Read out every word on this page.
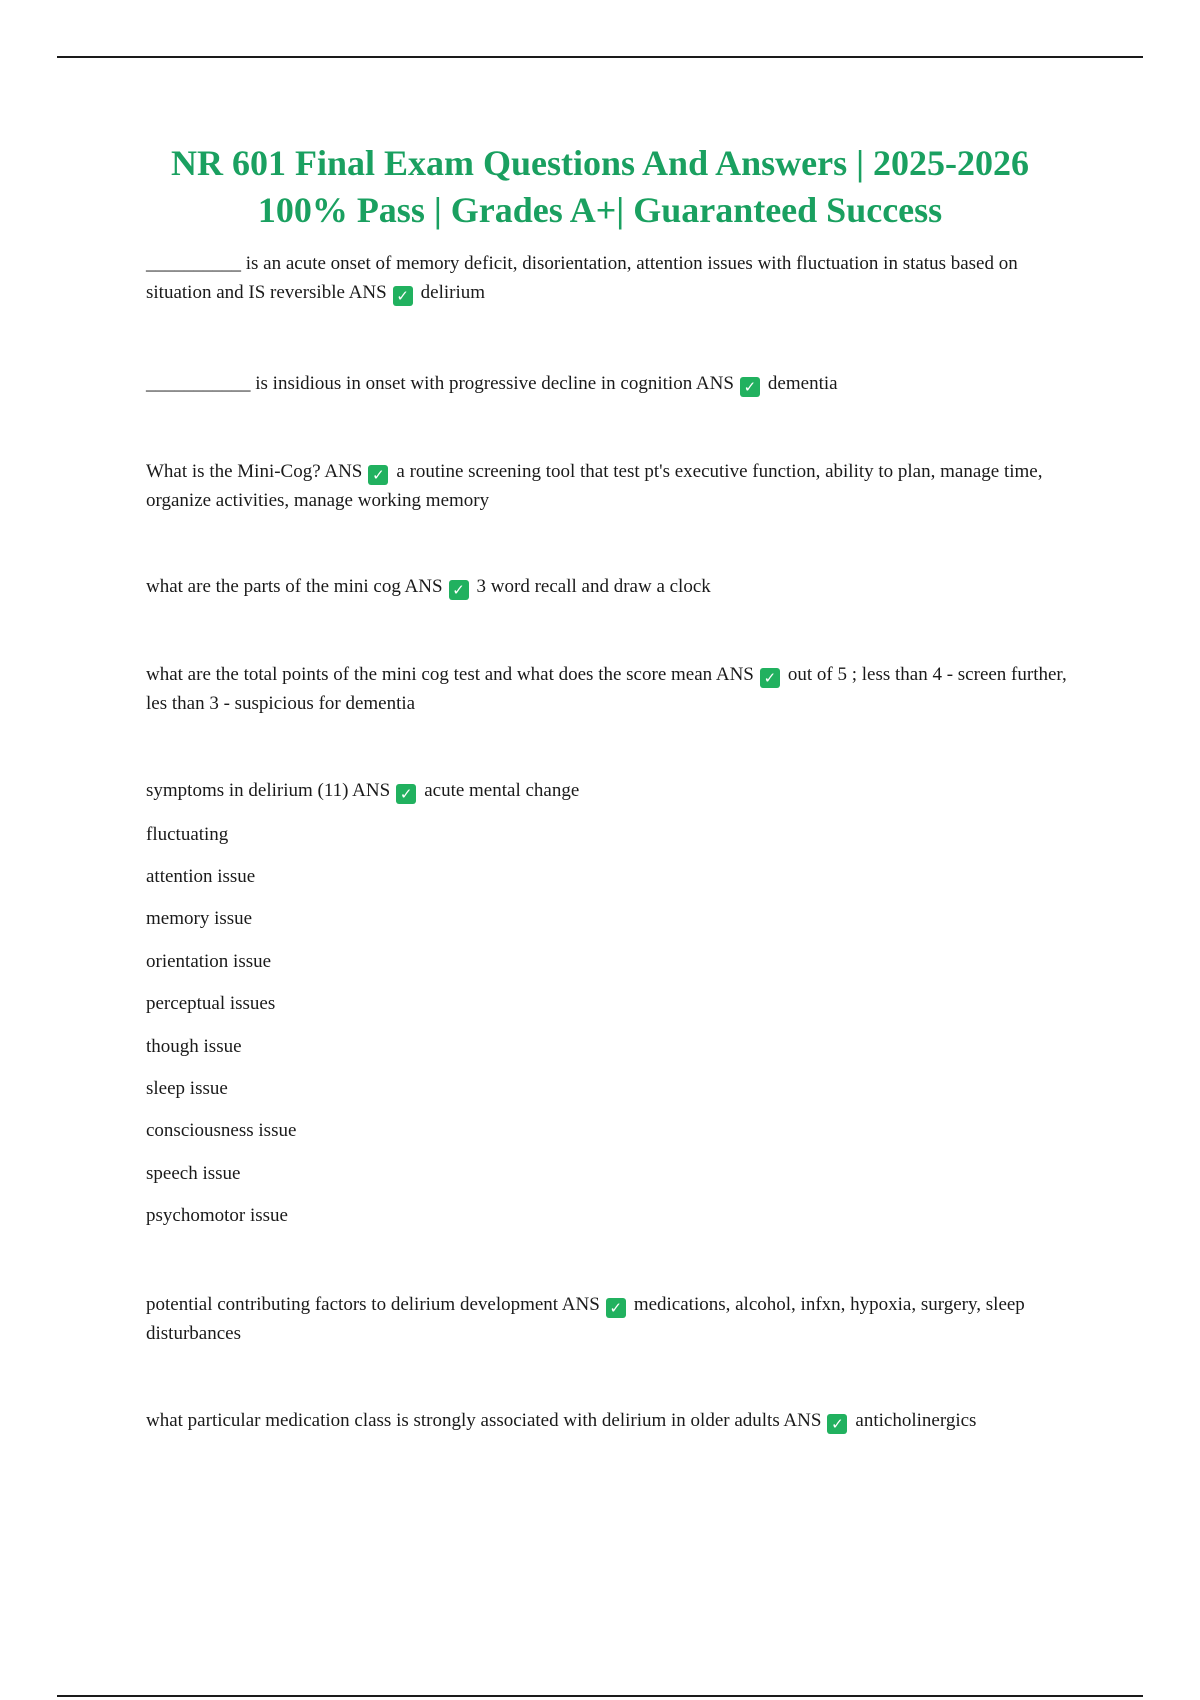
NR 601 Final Exam Questions And Answers | 2025-2026
100% Pass | Grades A+| Guaranteed Success

__________ is an acute onset of memory deficit, disorientation, attention issues with fluctuation in status based on situation and IS reversible ANS ✓ delirium

___________ is insidious in onset with progressive decline in cognition ANS ✓ dementia

What is the Mini-Cog? ANS ✓ a routine screening tool that test pt's executive function, ability to plan, manage time, organize activities, manage working memory

what are the parts of the mini cog ANS ✓ 3 word recall and draw a clock

what are the total points of the mini cog test and what does the score mean ANS ✓ out of 5 ; less than 4 - screen further, les than 3 - suspicious for dementia

symptoms in delirium (11) ANS ✓ acute mental change

fluctuating

attention issue

memory issue

orientation issue

perceptual issues

though issue

sleep issue

consciousness issue

speech issue

psychomotor issue

potential contributing factors to delirium development ANS ✓ medications, alcohol, infxn, hypoxia, surgery, sleep disturbances

what particular medication class is strongly associated with delirium in older adults ANS ✓ anticholinergics
